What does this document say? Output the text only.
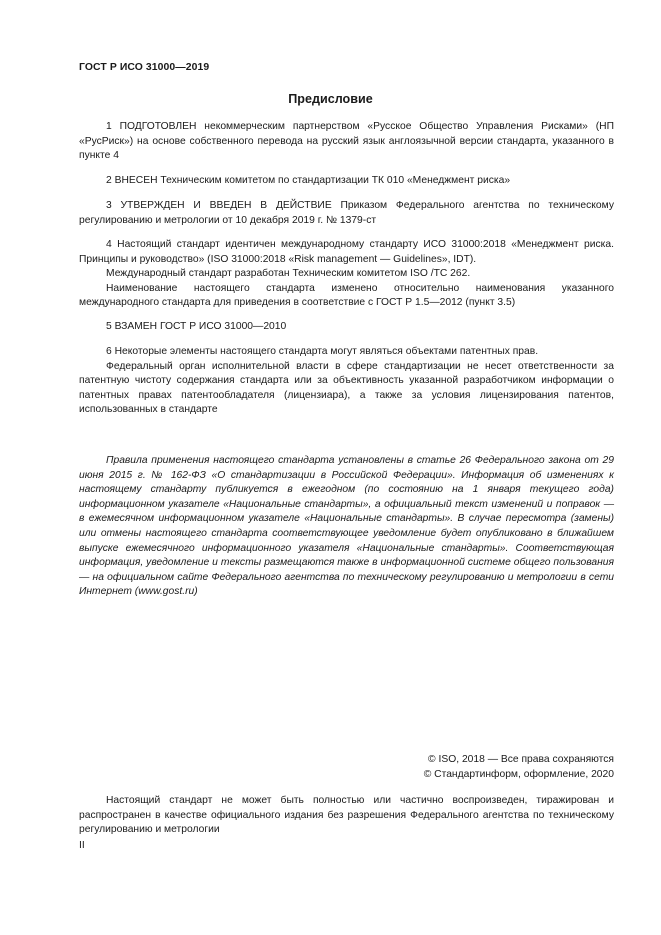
ГОСТ Р ИСО 31000—2019
Предисловие

1 ПОДГОТОВЛЕН некоммерческим партнерством «Русское Общество Управления Рисками» (НП «РусРиск») на основе собственного перевода на русский язык англоязычной версии стандарта, указанного в пункте 4

2 ВНЕСЕН Техническим комитетом по стандартизации ТК 010 «Менеджмент риска»

3 УТВЕРЖДЕН И ВВЕДЕН В ДЕЙСТВИЕ Приказом Федерального агентства по техническому регулированию и метрологии от 10 декабря 2019 г. № 1379-ст

4 Настоящий стандарт идентичен международному стандарту ИСО 31000:2018 «Менеджмент риска. Принципы и руководство» (ISO 31000:2018 «Risk management — Guidelines», IDT).

Международный стандарт разработан Техническим комитетом ISO /TC 262.

Наименование настоящего стандарта изменено относительно наименования указанного международного стандарта для приведения в соответствие с ГОСТ Р 1.5—2012 (пункт 3.5)

5 ВЗАМЕН ГОСТ Р ИСО 31000—2010

6 Некоторые элементы настоящего стандарта могут являться объектами патентных прав.

Федеральный орган исполнительной власти в сфере стандартизации не несет ответственности за патентную чистоту содержания стандарта или за объективность указанной разработчиком информации о патентных правах патентообладателя (лицензиара), а также за условия лицензирования патентов, использованных в стандарте

Правила применения настоящего стандарта установлены в статье 26 Федерального закона от 29 июня 2015 г. № 162-ФЗ «О стандартизации в Российской Федерации». Информация об изменениях к настоящему стандарту публикуется в ежегодном (по состоянию на 1 января текущего года) информационном указателе «Национальные стандарты», а официальный текст изменений и поправок — в ежемесячном информационном указателе «Национальные стандарты». В случае пересмотра (замены) или отмены настоящего стандарта соответствующее уведомление будет опубликовано в ближайшем выпуске ежемесячного информационного указателя «Национальные стандарты». Соответствующая информация, уведомление и тексты размещаются также в информационной системе общего пользования — на официальном сайте Федерального агентства по техническому регулированию и метрологии в сети Интернет (www.gost.ru)

© ISO, 2018 — Все права сохраняются
© Стандартинформ, оформление, 2020

Настоящий стандарт не может быть полностью или частично воспроизведен, тиражирован и распространен в качестве официального издания без разрешения Федерального агентства по техническому регулированию и метрологии

II
